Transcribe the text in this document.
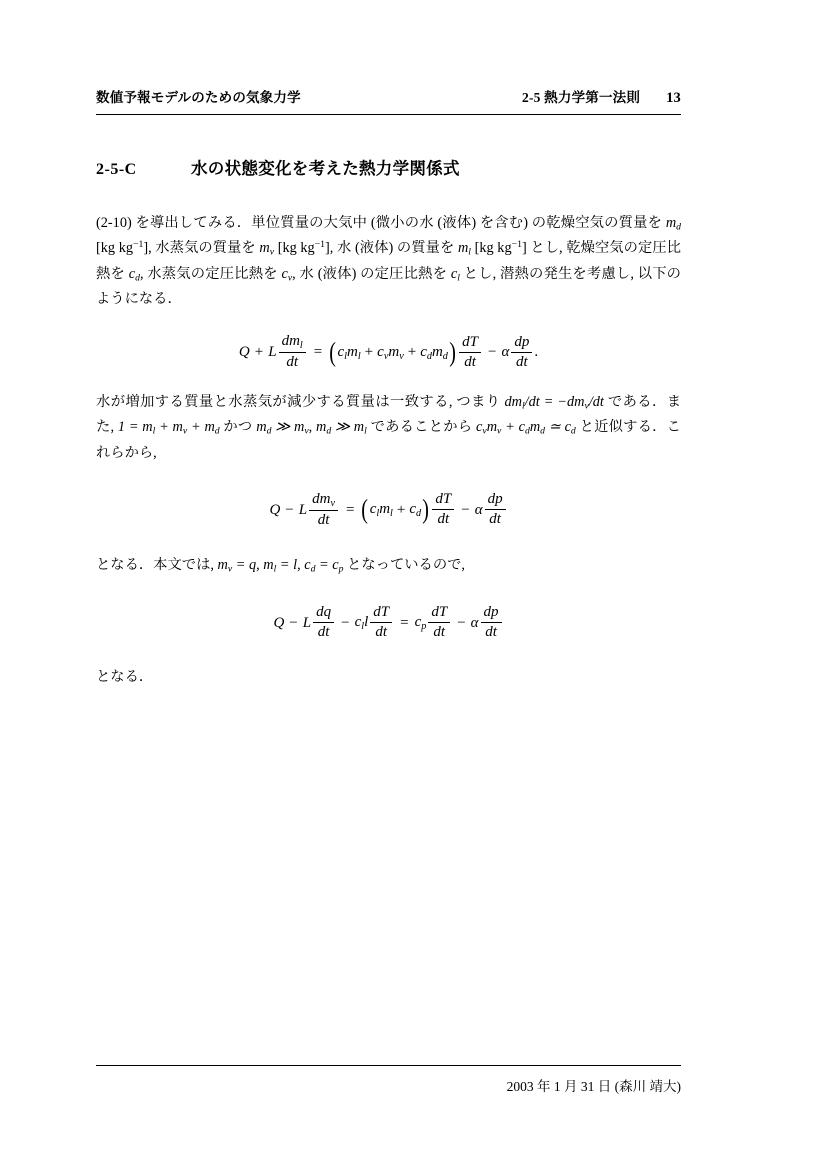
数値予報モデルのための気象力学	2-5 熱力学第一法則 13
2-5-C	水の状態変化を考えた熱力学関係式

(2-10) を導出してみる．単位質量の大気中 (微小の水 (液体) を含む) の乾燥空気の質量を $m_d$ [kg $kg^{-1}$], 水蒸気の質量を $m_v$ [kg $kg^{-1}$], 水 (液体) の質量を $m_l$ [kg $kg^{-1}$] とし, 乾燥空気の定圧比熱を $c_d$, 水蒸気の定圧比熱を $c_v$, 水 (液体) の定圧比熱を $c_l$ とし, 潜熱の発生を考慮し, 以下のようになる．

Q + L $\frac{dm_l}{dt}$ = ( $c_lm_l + c_vm_v + c_dm_d$ ) $\frac{dT}{dt} - \alpha \frac{dp}{dt}$ .

水が増加する質量と水蒸気が減少する質量は一致する, つまり $dm_l/dt = -dm_v/dt$ である．また, $1 = m_l + m_v + m_d$ かつ $m_d$ ≫ $m_v$, $m_d$ ≫ $m_l$ であることから $c_vm_v + c_dm_d$ ≃ $c_d$ と近似する．これらから,

Q − L $\frac{dm_v}{dt}$ = ( $c_lm_l + c_d$ ) $\frac{dT}{dt} - \alpha \frac{dp}{dt}$

となる．本文では, $m_v = q$, $m_l = l$, $c_d = c_p$ となっているので,

Q − L $\frac{dq}{dt} - c_ll \frac{dT}{dt} = c_p \frac{dT}{dt} - \alpha \frac{dp}{dt}$

となる．

2003 年 1 月 31 日 (森川 靖大)
